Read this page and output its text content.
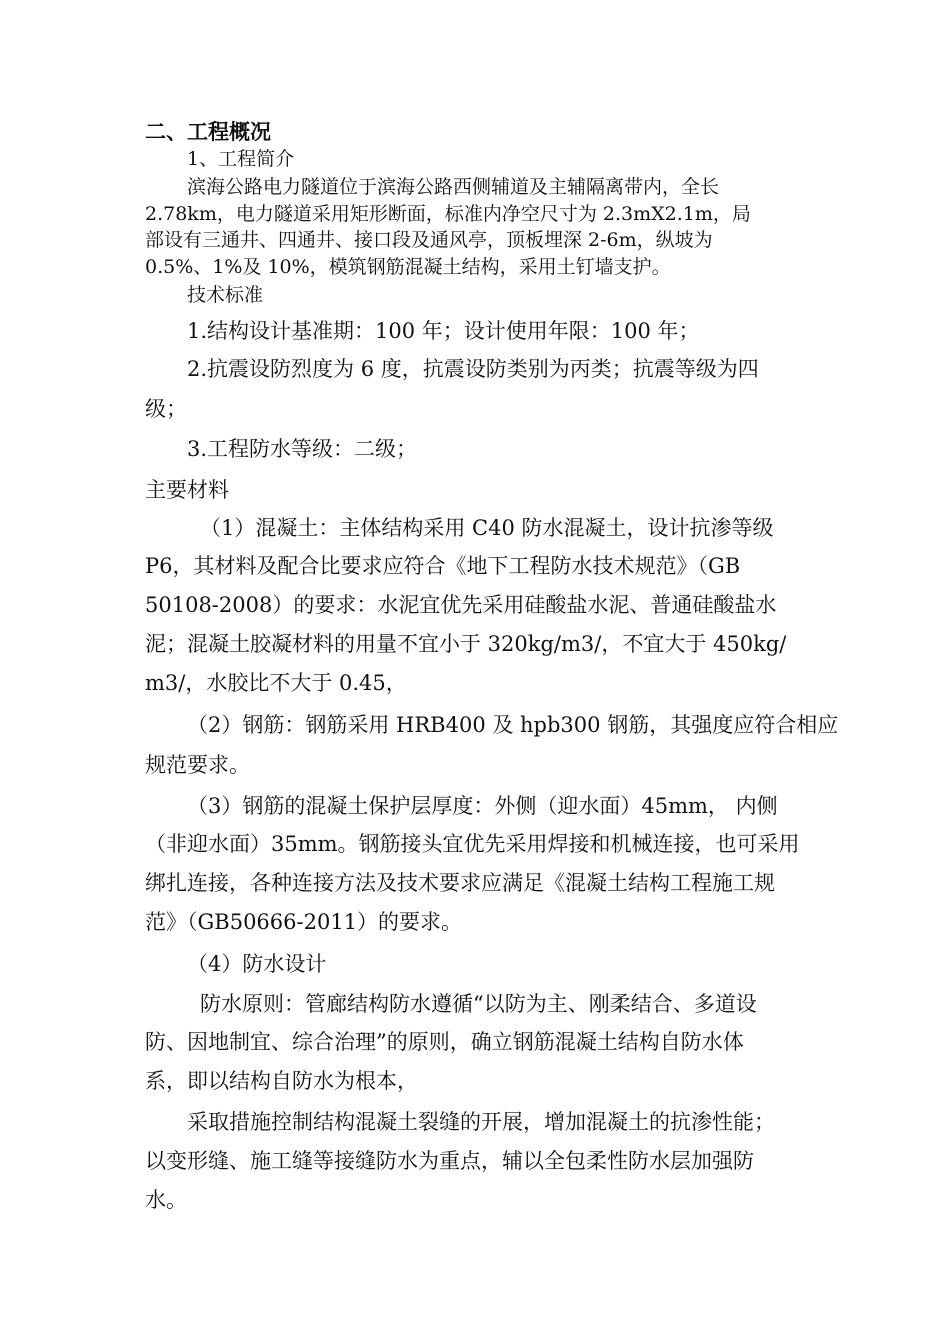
二、工程概况
1、工程简介
滨海公路电力隧道位于滨海公路西侧辅道及主辅隔离带内，全长
2.78km，电力隧道采用矩形断面，标准内净空尺寸为 2.3mX2.1m，局
部设有三通井、四通井、接口段及通风亭，顶板埋深 2-6m，纵坡为
0.5%、1%及 10%，模筑钢筋混凝土结构，采用土钉墙支护。
技术标准
1.结构设计基准期：100 年；设计使用年限：100 年；
2.抗震设防烈度为 6 度，抗震设防类别为丙类；抗震等级为四
级；
3.工程防水等级：二级；
主要材料
（1）混凝土：主体结构采用 C40 防水混凝土，设计抗渗等级
P6，其材料及配合比要求应符合《地下工程防水技术规范》（GB
50108-2008）的要求：水泥宜优先采用硅酸盐水泥、普通硅酸盐水
泥；混凝土胶凝材料的用量不宜小于 320kg/m3/，不宜大于 450kg/
m3/，水胶比不大于 0.45，
（2）钢筋：钢筋采用 HRB400 及 hpb300 钢筋，其强度应符合相应
规范要求。
（3）钢筋的混凝土保护层厚度：外侧（迎水面）45mm， 内侧
（非迎水面）35mm。钢筋接头宜优先采用焊接和机械连接，也可采用
绑扎连接，各种连接方法及技术要求应满足《混凝土结构工程施工规
范》（GB50666-2011）的要求。
（4）防水设计
防水原则：管廊结构防水遵循“以防为主、刚柔结合、多道设
防、因地制宜、综合治理”的原则，确立钢筋混凝土结构自防水体
系，即以结构自防水为根本，
采取措施控制结构混凝土裂缝的开展，增加混凝土的抗渗性能；
以变形缝、施工缝等接缝防水为重点，辅以全包柔性防水层加强防
水。
